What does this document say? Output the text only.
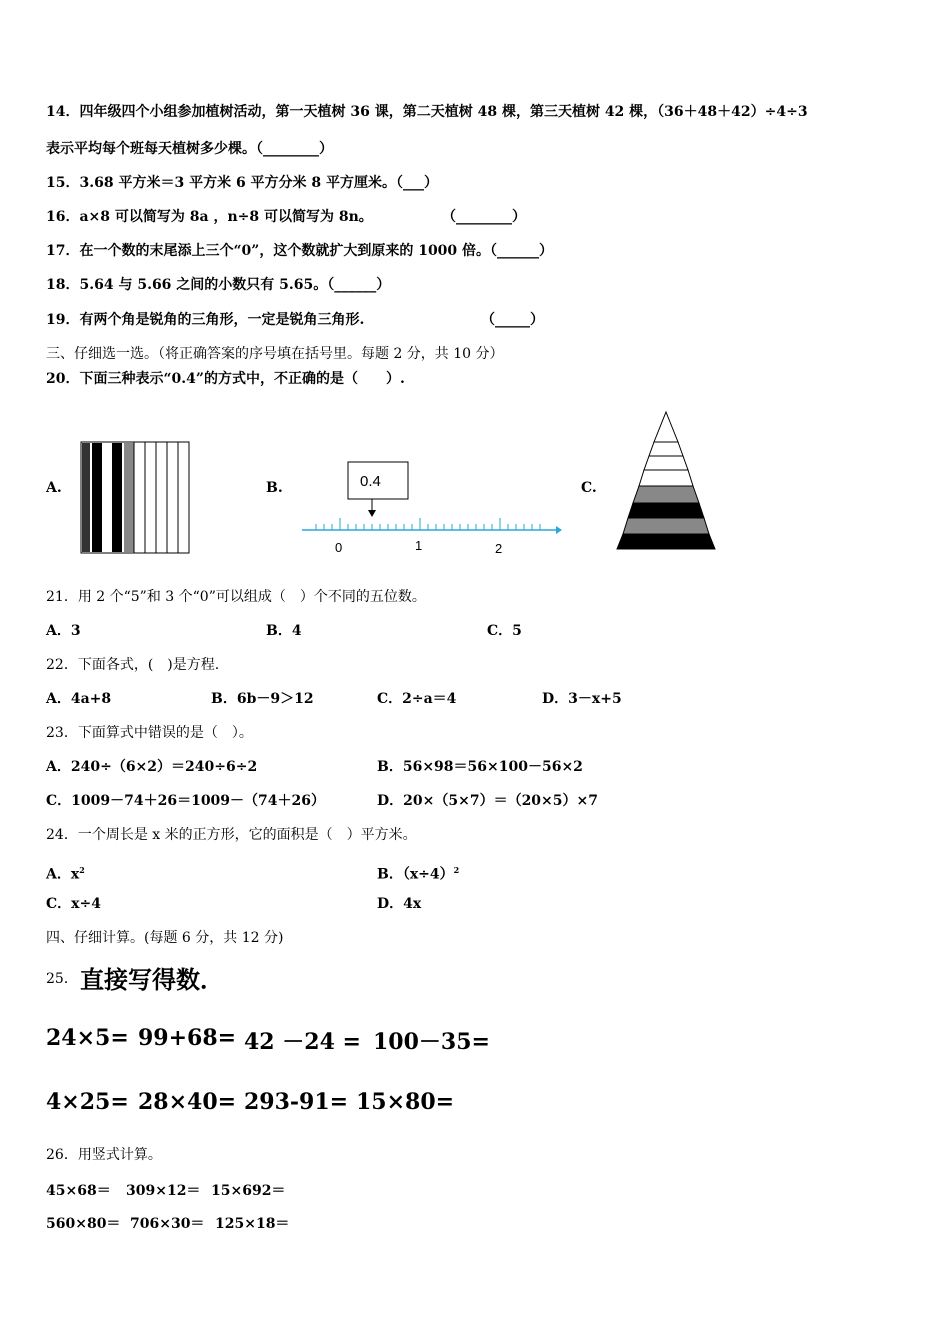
14．四年级四个小组参加植树活动，第一天植树 36 课，第二天植树 48 棵，第三天植树 42 棵，（36＋48＋42）÷4÷3
表示平均每个班每天植树多少棵。（________）
15．3.68 平方米＝3 平方米 6 平方分米 8 平方厘米。（___）
16．a×8 可以简写为 8a ，n÷8 可以简写为 8n。	（________）
17．在一个数的末尾添上三个“0”，这个数就扩大到原来的 1000 倍。（______）
18．5.64 与 5.66 之间的小数只有 5.65。（______）
19．有两个角是锐角的三角形，一定是锐角三角形.	（_____）
三、仔细选一选。（将正确答案的序号填在括号里。每题 2 分，共 10 分）
20．下面三种表示“0.4”的方式中，不正确的是（　　）.
A.	B.	0.4
0	1	2
C.
21．用 2 个“5”和 3 个“0”可以组成（　）个不同的五位数。
A．3	B．4	C．5
22．下面各式，(　)是方程.
A．4a+8	B．6b－9＞12	C．2÷a＝4	D．3－x+5
23．下面算式中错误的是（　）。
A．240÷（6×2）＝240÷6÷2	B．56×98＝56×100－56×2
C．1009－74＋26＝1009－（74＋26）	D．20×（5×7）＝（20×5）×7
24．一个周长是 x 米的正方形，它的面积是（　）平方米。
A．$x^2$	B．$(x\div 4)^2$
C．x÷4	D．4x
四、仔细计算。(每题 6 分，共 12 分)
25． 直接写得数．
24×5= 99+68= 42 －24 = 100－35=
4×25= 28×40= 293-91= 15×80=
26．用竖式计算。
45×68＝ 309×12＝ 15×692＝
560×80＝ 706×30＝ 125×18＝
